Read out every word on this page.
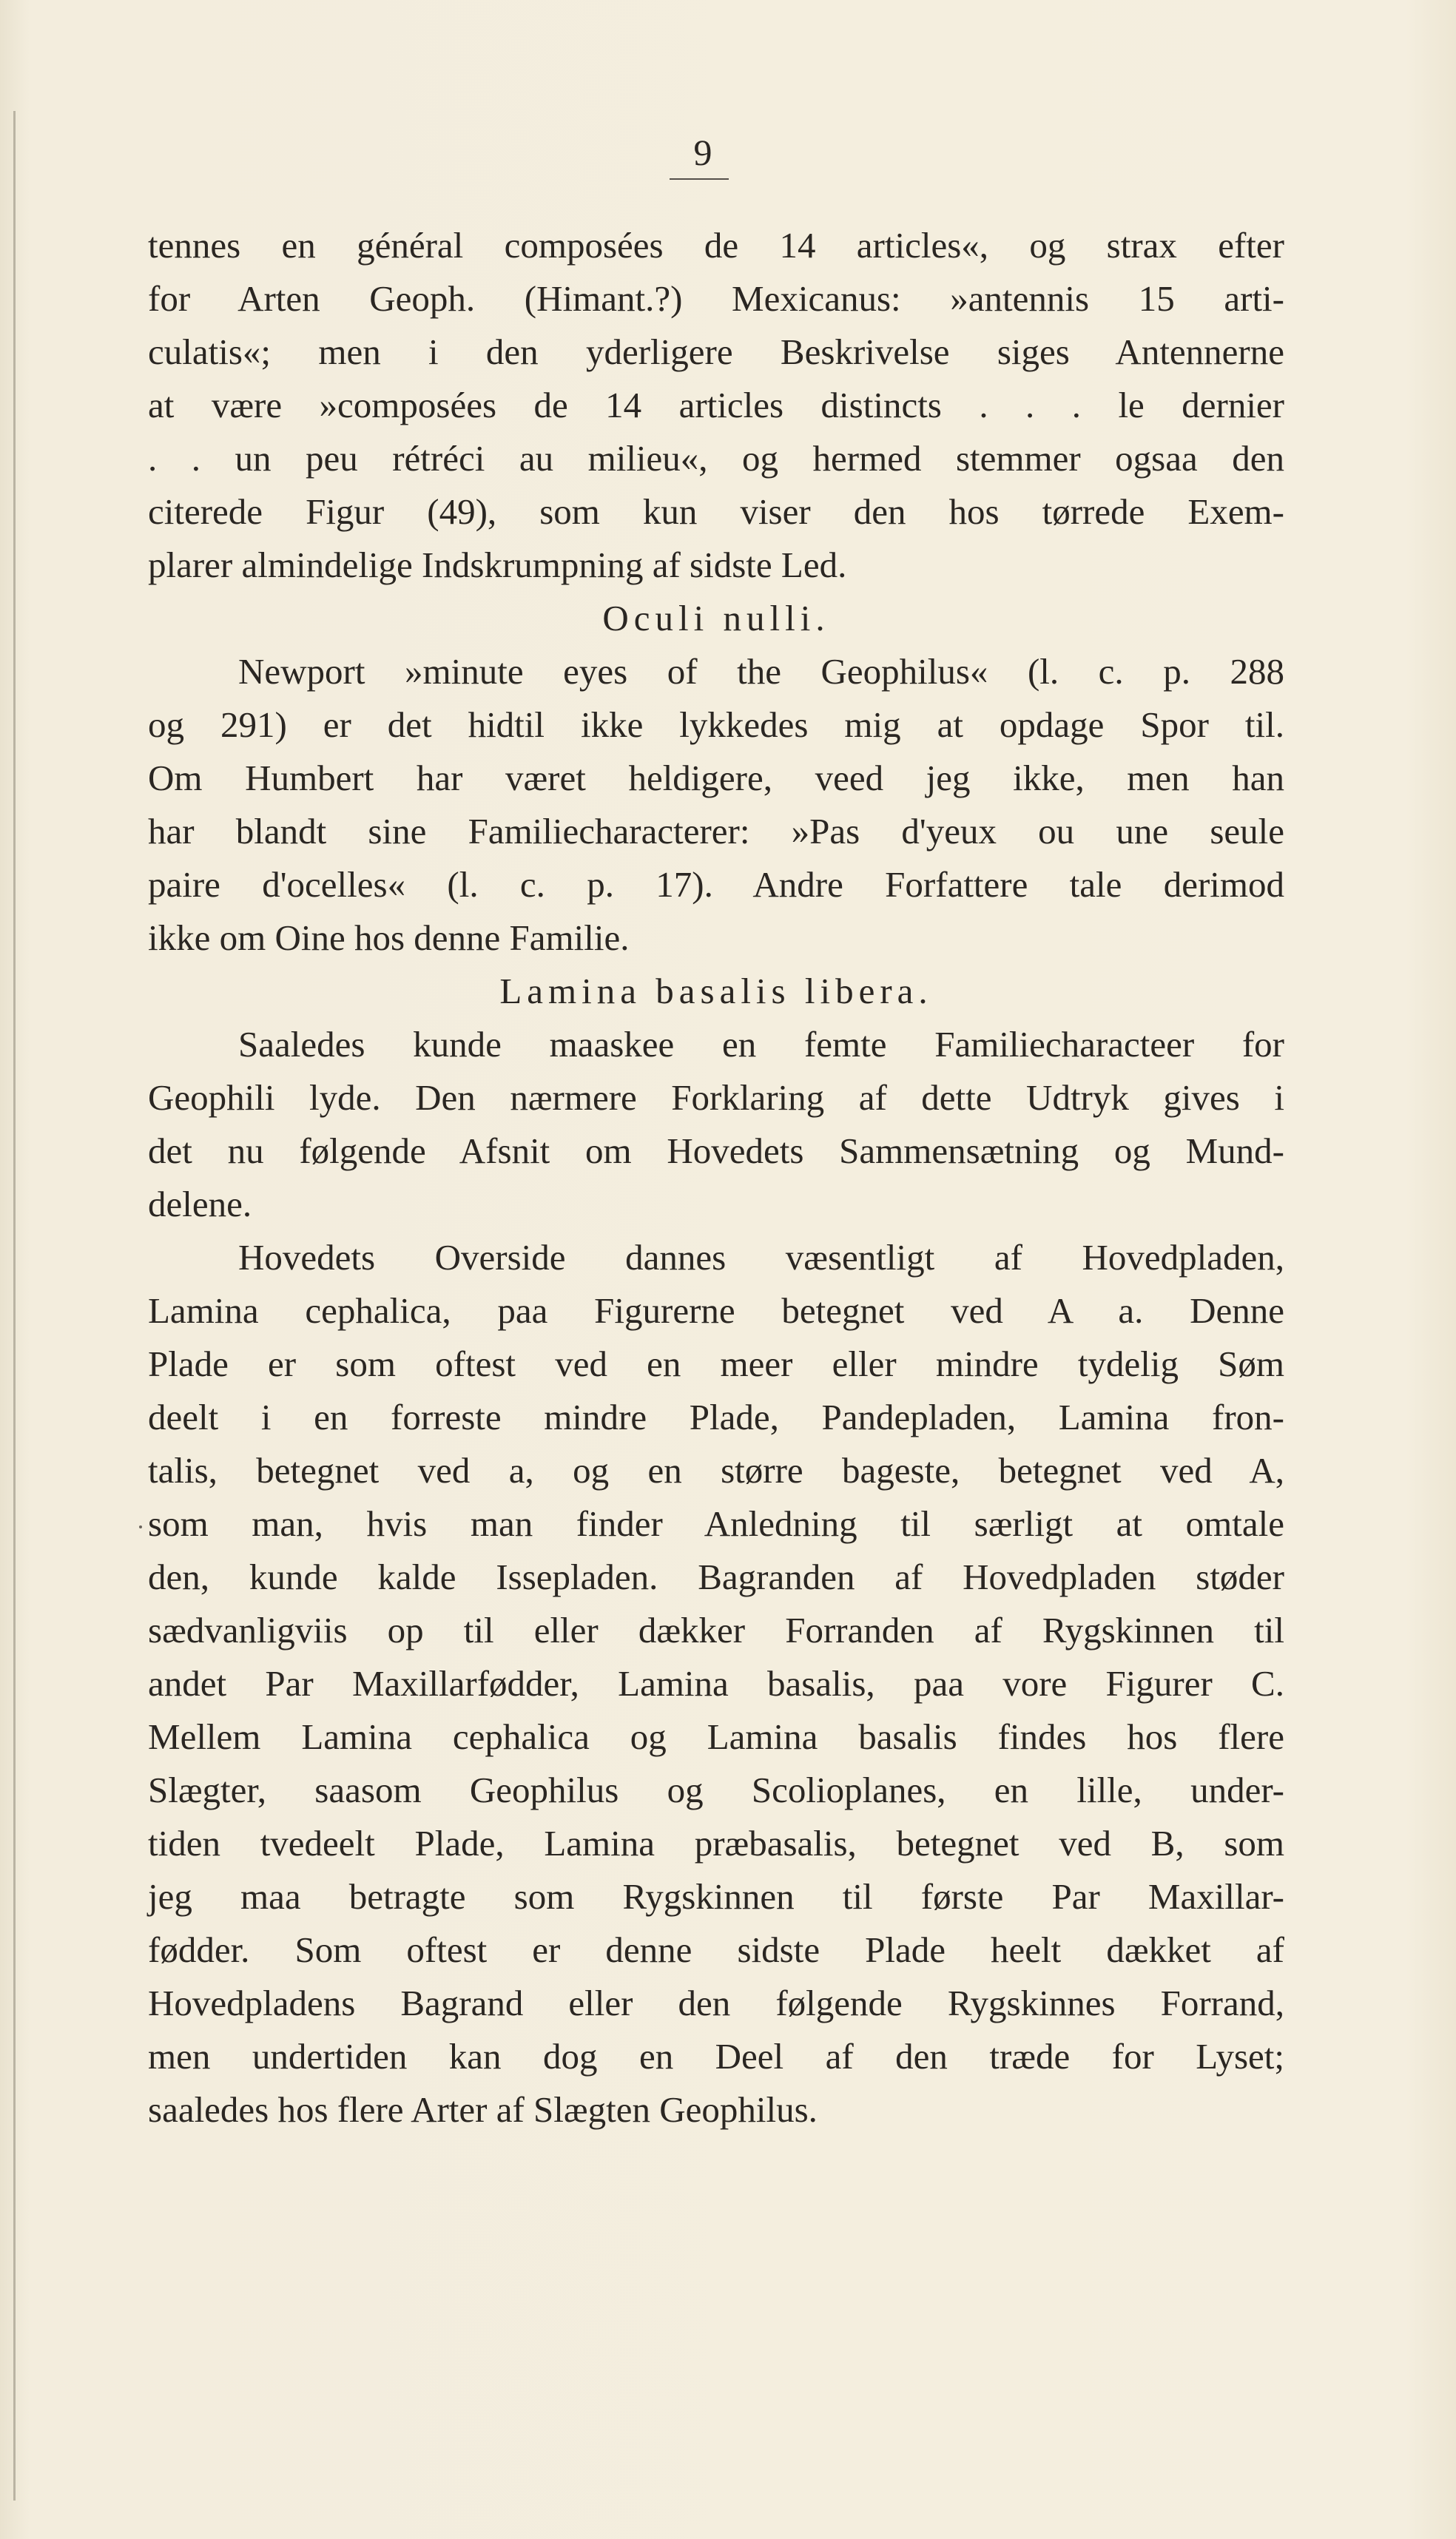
9
tennes en général composées de 14 articles«, og strax efter
for Arten Geoph. (Himant.?) Mexicanus: »antennis 15 arti-
culatis«; men i den yderligere Beskrivelse siges Antennerne
at være »composées de 14 articles distincts . . . le dernier
. . un peu rétréci au milieu«, og hermed stemmer ogsaa den
citerede Figur (49), som kun viser den hos tørrede Exem-
plarer almindelige Indskrumpning af sidste Led.
Oculi nulli.
Newport »minute eyes of the Geophilus« (l. c. p. 288
og 291) er det hidtil ikke lykkedes mig at opdage Spor til.
Om Humbert har været heldigere, veed jeg ikke, men han
har blandt sine Familiecharacterer: »Pas d'yeux ou une seule
paire d'ocelles« (l. c. p. 17). Andre Forfattere tale derimod
ikke om Oine hos denne Familie.
Lamina basalis libera.
Saaledes kunde maaskee en femte Familiecharacteer for
Geophili lyde. Den nærmere Forklaring af dette Udtryk gives i
det nu følgende Afsnit om Hovedets Sammensætning og Mund-
delene.
Hovedets Overside dannes væsentligt af Hovedpladen,
Lamina cephalica, paa Figurerne betegnet ved A a. Denne
Plade er som oftest ved en meer eller mindre tydelig Søm
deelt i en forreste mindre Plade, Pandepladen, Lamina fron-
talis, betegnet ved a, og en større bageste, betegnet ved A,
som man, hvis man finder Anledning til særligt at omtale
den, kunde kalde Issepladen. Bagranden af Hovedpladen støder
sædvanligviis op til eller dækker Forranden af Rygskinnen til
andet Par Maxillarfødder, Lamina basalis, paa vore Figurer C.
Mellem Lamina cephalica og Lamina basalis findes hos flere
Slægter, saasom Geophilus og Scolioplanes, en lille, under-
tiden tvedeelt Plade, Lamina præbasalis, betegnet ved B, som
jeg maa betragte som Rygskinnen til første Par Maxillar-
fødder. Som oftest er denne sidste Plade heelt dækket af
Hovedpladens Bagrand eller den følgende Rygskinnes Forrand,
men undertiden kan dog en Deel af den træde for Lyset;
saaledes hos flere Arter af Slægten Geophilus.
